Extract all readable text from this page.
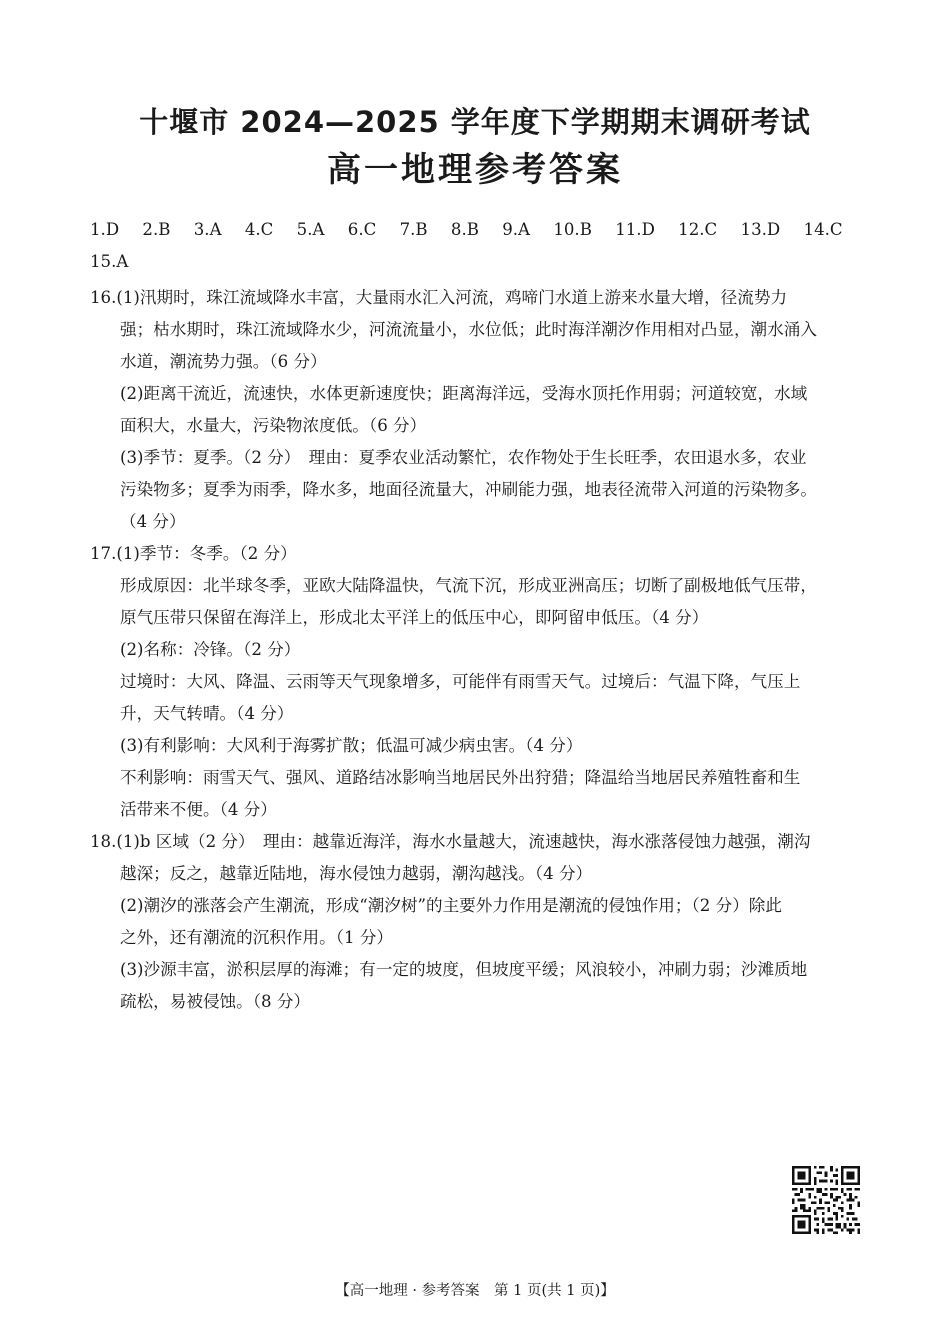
十堰市 2024—2025 学年度下学期期末调研考试
高一地理参考答案
1.D 2.B 3.A 4.C 5.A 6.C 7.B 8.B 9.A 10.B 11.D 12.C 13.D 14.C
15.A
16.(1)汛期时，珠江流域降水丰富，大量雨水汇入河流，鸡啼门水道上游来水量大增，径流势力
强；枯水期时，珠江流域降水少，河流流量小，水位低；此时海洋潮汐作用相对凸显，潮水涌入
水道，潮流势力强。（6 分）
(2)距离干流近，流速快，水体更新速度快；距离海洋远，受海水顶托作用弱；河道较宽，水域
面积大，水量大，污染物浓度低。（6 分）
(3)季节：夏季。（2 分）　理由：夏季农业活动繁忙，农作物处于生长旺季，农田退水多，农业
污染物多；夏季为雨季，降水多，地面径流量大，冲刷能力强，地表径流带入河道的污染物多。
（4 分）
17.(1)季节：冬季。（2 分）
形成原因：北半球冬季，亚欧大陆降温快，气流下沉，形成亚洲高压；切断了副极地低气压带，
原气压带只保留在海洋上，形成北太平洋上的低压中心，即阿留申低压。（4 分）
(2)名称：冷锋。（2 分）
过境时：大风、降温、云雨等天气现象增多，可能伴有雨雪天气。过境后：气温下降，气压上
升，天气转晴。（4 分）
(3)有利影响：大风利于海雾扩散；低温可减少病虫害。（4 分）
不利影响：雨雪天气、强风、道路结冰影响当地居民外出狩猎；降温给当地居民养殖牲畜和生
活带来不便。（4 分）
18.(1)b 区域（2 分）　理由：越靠近海洋，海水水量越大，流速越快，海水涨落侵蚀力越强，潮沟
越深；反之，越靠近陆地，海水侵蚀力越弱，潮沟越浅。（4 分）
(2)潮汐的涨落会产生潮流，形成“潮汐树”的主要外力作用是潮流的侵蚀作用；（2 分）除此
之外，还有潮流的沉积作用。（1 分）
(3)沙源丰富，淤积层厚的海滩；有一定的坡度，但坡度平缓；风浪较小，冲刷力弱；沙滩质地
疏松，易被侵蚀。（8 分）
【高一地理 · 参考答案　第 1 页(共 1 页)】
